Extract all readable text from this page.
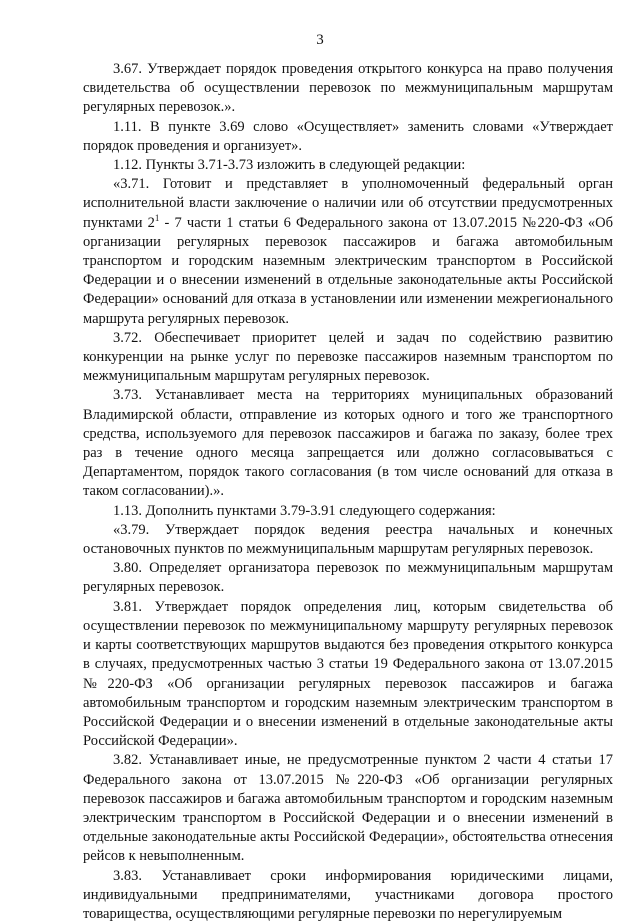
3

3.67. Утверждает порядок проведения открытого конкурса на право получения свидетельства об осуществлении перевозок по межмуниципальным маршрутам регулярных перевозок.».

1.11. В пункте 3.69 слово «Осуществляет» заменить словами «Утверждает порядок проведения и организует».

1.12. Пункты 3.71-3.73 изложить в следующей редакции:

«3.71. Готовит и представляет в уполномоченный федеральный орган исполнительной власти заключение о наличии или об отсутствии предусмотренных пунктами $2^1 - 7$ части 1 статьи 6 Федерального закона от 13.07.2015 №220-ФЗ «Об организации регулярных перевозок пассажиров и багажа автомобильным транспортом и городским наземным электрическим транспортом в Российской Федерации и о внесении изменений в отдельные законодательные акты Российской Федерации» оснований для отказа в установлении или изменении межрегионального маршрута регулярных перевозок.

3.72. Обеспечивает приоритет целей и задач по содействию развитию конкуренции на рынке услуг по перевозке пассажиров наземным транспортом по межмуниципальным маршрутам регулярных перевозок.

3.73. Устанавливает места на территориях муниципальных образований Владимирской области, отправление из которых одного и того же транспортного средства, используемого для перевозок пассажиров и багажа по заказу, более трех раз в течение одного месяца запрещается или должно согласовываться с Департаментом, порядок такого согласования (в том числе оснований для отказа в таком согласовании).».

1.13. Дополнить пунктами 3.79-3.91 следующего содержания:

«3.79. Утверждает порядок ведения реестра начальных и конечных остановочных пунктов по межмуниципальным маршрутам регулярных перевозок.

3.80. Определяет организатора перевозок по межмуниципальным маршрутам регулярных перевозок.

3.81. Утверждает порядок определения лиц, которым свидетельства об осуществлении перевозок по межмуниципальному маршруту регулярных перевозок и карты соответствующих маршрутов выдаются без проведения открытого конкурса в случаях, предусмотренных частью 3 статьи 19 Федерального закона от 13.07.2015 №220-ФЗ «Об организации регулярных перевозок пассажиров и багажа автомобильным транспортом и городским наземным электрическим транспортом в Российской Федерации и о внесении изменений в отдельные законодательные акты Российской Федерации».

3.82. Устанавливает иные, не предусмотренные пунктом 2 части 4 статьи 17 Федерального закона от 13.07.2015 №220-ФЗ «Об организации регулярных перевозок пассажиров и багажа автомобильным транспортом и городским наземным электрическим транспортом в Российской Федерации и о внесении изменений в отдельные законодательные акты Российской Федерации», обстоятельства отнесения рейсов к невыполненным.

3.83. Устанавливает сроки информирования юридическими лицами, индивидуальными предпринимателями, участниками договора простого товарищества, осуществляющими регулярные перевозки по нерегулируемым
